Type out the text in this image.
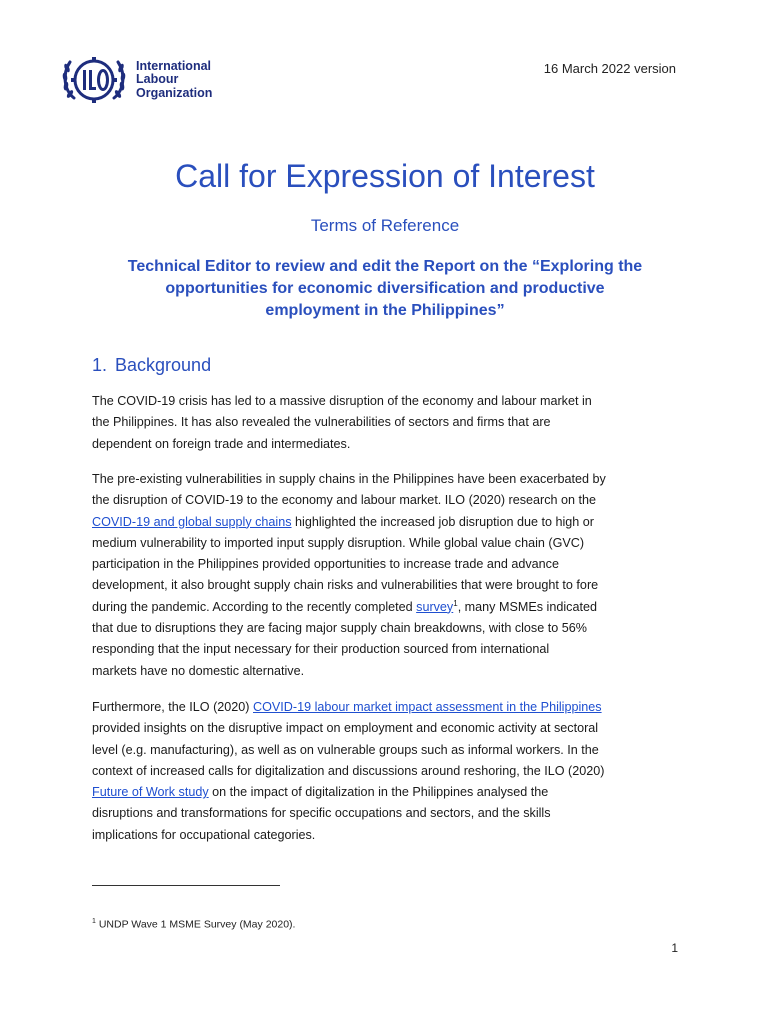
International
Labour
Organization
16 March 2022 version
Call for Expression of Interest
Terms of Reference
Technical Editor to review and edit the Report on the “Exploring the
opportunities for economic diversification and productive
employment in the Philippines”
1. Background
The COVID-19 crisis has led to a massive disruption of the economy and labour market in
the Philippines. It has also revealed the vulnerabilities of sectors and firms that are
dependent on foreign trade and intermediates.
The pre-existing vulnerabilities in supply chains in the Philippines have been exacerbated by
the disruption of COVID-19 to the economy and labour market. ILO (2020) research on the
COVID-19 and global supply chains highlighted the increased job disruption due to high or
medium vulnerability to imported input supply disruption. While global value chain (GVC)
participation in the Philippines provided opportunities to increase trade and advance
development, it also brought supply chain risks and vulnerabilities that were brought to fore
during the pandemic. According to the recently completed survey$^1$, many MSMEs indicated
that due to disruptions they are facing major supply chain breakdowns, with close to 56%
responding that the input necessary for their production sourced from international
markets have no domestic alternative.
Furthermore, the ILO (2020) COVID-19 labour market impact assessment in the Philippines
provided insights on the disruptive impact on employment and economic activity at sectoral
level (e.g. manufacturing), as well as on vulnerable groups such as informal workers. In the
context of increased calls for digitalization and discussions around reshoring, the ILO (2020)
Future of Work study on the impact of digitalization in the Philippines analysed the
disruptions and transformations for specific occupations and sectors, and the skills
implications for occupational categories.
$^1$ UNDP Wave 1 MSME Survey (May 2020).
1
